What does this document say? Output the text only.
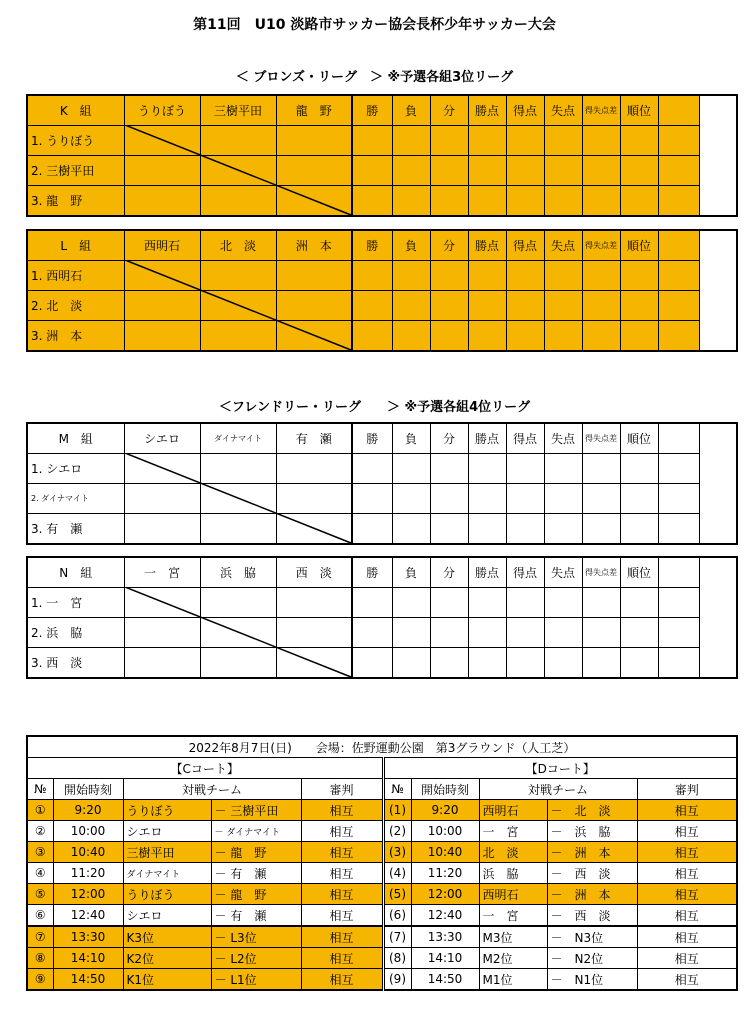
第11回　U10 淡路市サッカー協会長杯少年サッカー大会
＜ ブロンズ・リーグ　＞ ※予選各組3位リーグ
＜フレンドリー・リーグ　　＞ ※予選各組4位リーグ
K　組	うりぼう	三樹平田	龍　野	勝	負	分	勝点	得点	失点	得失点差	順位	
1. うりぼう												
2. 三樹平田												
3. 龍　野												
L　組	西明石	北　淡	洲　本	勝	負	分	勝点	得点	失点	得失点差	順位	
1. 西明石												
2. 北　淡												
3. 洲　本												
M　組	シエロ	ダイナマイト	有　瀬	勝	負	分	勝点	得点	失点	得失点差	順位	
1. シエロ												
2. ダイナマイト												
3. 有　瀬												
N　組	一　宮	浜　脇	西　淡	勝	負	分	勝点	得点	失点	得失点差	順位	
1. 一　宮												
2. 浜　脇												
3. 西　淡												
2022年8月7日(日)　　会場：佐野運動公園　第3グラウンド（人工芝）									
【Cコート】					【Dコート】				
№	開始時刻	対戦チーム		審判	№	開始時刻	対戦チーム		審判
①	9:20	うりぼう	－ 三樹平田	相互	(1)	9:20	西明石	－　北　淡	相互
②	10:00	シエロ	－ ダイナマイト	相互	(2)	10:00	一　宮	－　浜　脇	相互
③	10:40	三樹平田	－ 龍　野	相互	(3)	10:40	北　淡	－　洲　本	相互
④	11:20	ダイナマイト	－ 有　瀬	相互	(4)	11:20	浜　脇	－　西　淡	相互
⑤	12:00	うりぼう	－ 龍　野	相互	(5)	12:00	西明石	－　洲　本	相互
⑥	12:40	シエロ	－ 有　瀬	相互	(6)	12:40	一　宮	－　西　淡	相互
⑦	13:30	K3位	－ L3位	相互	(7)	13:30	M3位	－　N3位	相互
⑧	14:10	K2位	－ L2位	相互	(8)	14:10	M2位	－　N2位	相互
⑨	14:50	K1位	－ L1位	相互	(9)	14:50	M1位	－　N1位	相互
